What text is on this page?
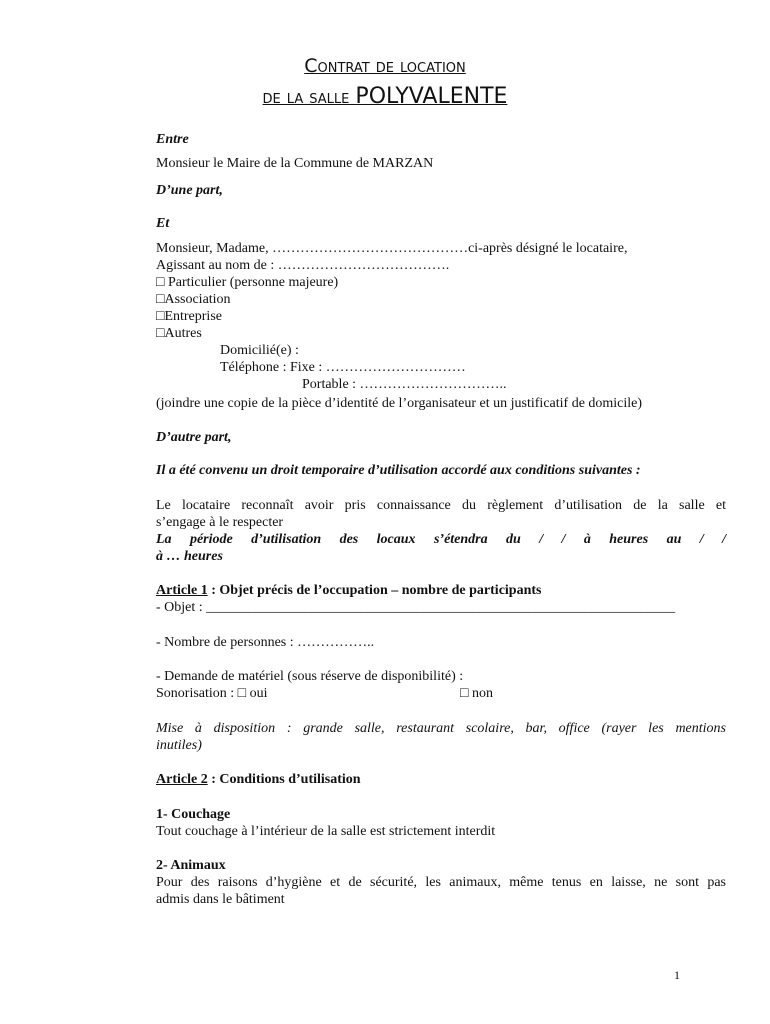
Contrat de location
de la salle POLYVALENTE
Entre
Monsieur le Maire de la Commune de MARZAN
D’une part,
Et
Monsieur, Madame, ……………………………………ci-après désigné le locataire,
Agissant au nom de : ……………………………….
□ Particulier (personne majeure)
□Association
□Entreprise
□Autres
Domicilié(e) :
Téléphone : Fixe : …………………………
Portable : …………………………..
(joindre une copie de la pièce d’identité de l’organisateur et un justificatif de domicile)
D’autre part,
Il a été convenu un droit temporaire d’utilisation accordé aux conditions suivantes :
Le locataire reconnaît avoir pris connaissance du règlement d’utilisation de la salle et
s’engage à le respecter
La période d’utilisation des locaux s’étendra du / / à heures au / /
à … heures
Article 1 : Objet précis de l’occupation – nombre de participants
- Objet : ___________________________________________________________________
- Nombre de personnes : ……………..
- Demande de matériel (sous réserve de disponibilité) :
Sonorisation : □ oui	□ non
Mise à disposition : grande salle, restaurant scolaire, bar, office (rayer les mentions
inutiles)
Article 2 : Conditions d’utilisation
1- Couchage
Tout couchage à l’intérieur de la salle est strictement interdit
2- Animaux
Pour des raisons d’hygiène et de sécurité, les animaux, même tenus en laisse, ne sont pas
admis dans le bâtiment
1
